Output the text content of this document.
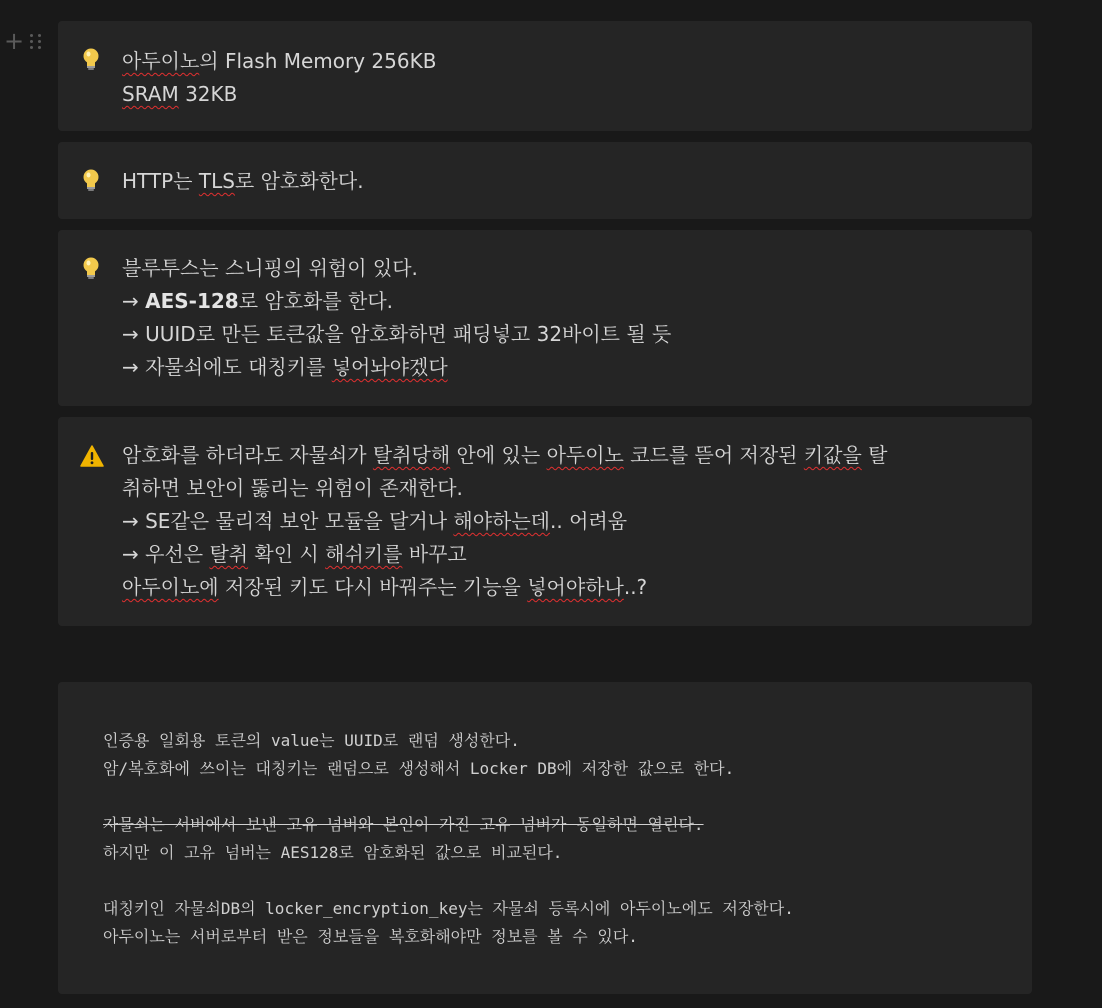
+
아두이노의 Flash Memory 256KB
SRAM 32KB
HTTP는 TLS로 암호화한다.
블루투스는 스니핑의 위험이 있다.
→ AES-128로 암호화를 한다.
→ UUID로 만든 토큰값을 암호화하면 패딩넣고 32바이트 될 듯
→ 자물쇠에도 대칭키를 넣어놔야겠다
암호화를 하더라도 자물쇠가 탈취당해 안에 있는 아두이노 코드를 뜯어 저장된 키값을 탈
취하면 보안이 뚫리는 위험이 존재한다.
→ SE같은 물리적 보안 모듈을 달거나 해야하는데.. 어려움
→ 우선은 탈취 확인 시 해쉬키를 바꾸고
아두이노에 저장된 키도 다시 바꿔주는 기능을 넣어야하나..?
인증용 일회용 토큰의 value는 UUID로 랜덤 생성한다.
암/복호화에 쓰이는 대칭키는 랜덤으로 생성해서 Locker DB에 저장한 값으로 한다.
자물쇠는 서버에서 보낸 고유 넘버와 본인이 가진 고유 넘버가 동일하면 열린다.
하지만 이 고유 넘버는 AES128로 암호화된 값으로 비교된다.
대칭키인 자물쇠DB의 locker_encryption_key는 자물쇠 등록시에 아두이노에도 저장한다.
아두이노는 서버로부터 받은 정보들을 복호화해야만 정보를 볼 수 있다.
